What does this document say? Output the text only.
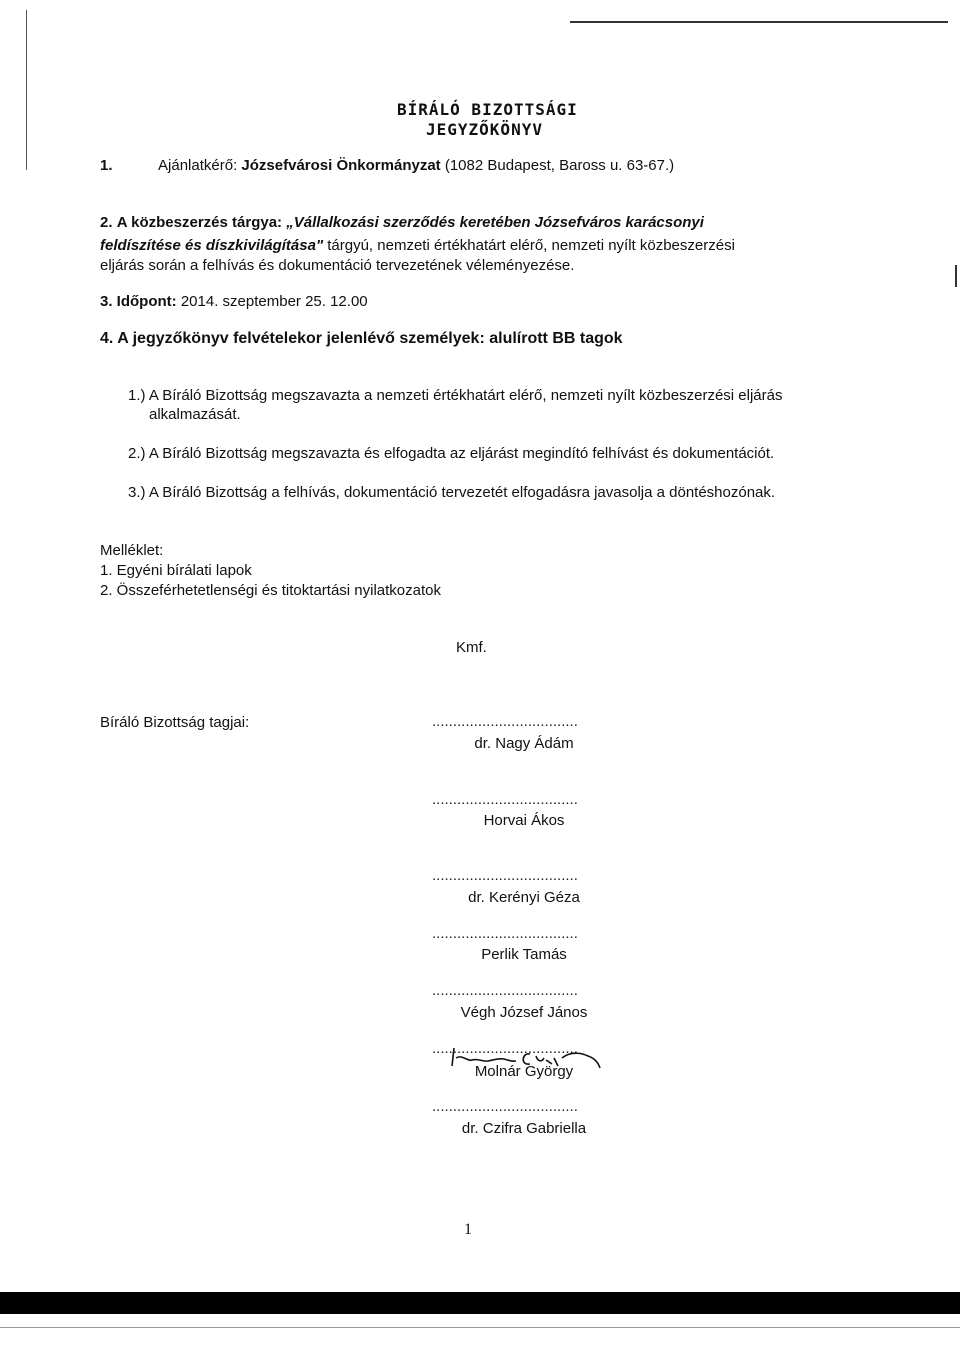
BÍRÁLÓ BIZOTTSÁGI
JEGYZŐKÖNYV
1.	Ajánlatkérő: Józsefvárosi Önkormányzat (1082 Budapest, Baross u. 63-67.)
2. A közbeszerzés tárgya: „Vállalkozási szerződés keretében Józsefváros karácsonyi
feldíszítése és díszkivilágítása" tárgyú, nemzeti értékhatárt elérő, nemzeti nyílt közbeszerzési
eljárás során a felhívás és dokumentáció tervezetének véleményezése.
3. Időpont: 2014. szeptember 25. 12.00
4. A jegyzőkönyv felvételekor jelenlévő személyek: alulírott BB tagok
1.) A Bíráló Bizottság megszavazta a nemzeti értékhatárt elérő, nemzeti nyílt közbeszerzési eljárás
alkalmazását.
2.) A Bíráló Bizottság megszavazta és elfogadta az eljárást megindító felhívást és dokumentációt.
3.) A Bíráló Bizottság a felhívás, dokumentáció tervezetét elfogadásra javasolja a döntéshozónak.
Melléklet:
1. Egyéni bírálati lapok
2. Összeférhetetlenségi és titoktartási nyilatkozatok
Kmf.
Bíráló Bizottság tagjai:	...................................
dr. Nagy Ádám
...................................
Horvai Ákos
...................................
dr. Kerényi Géza
...................................
Perlik Tamás
...................................
Végh József János
...................................
Molnár György
...................................
dr. Czifra Gabriella
1
